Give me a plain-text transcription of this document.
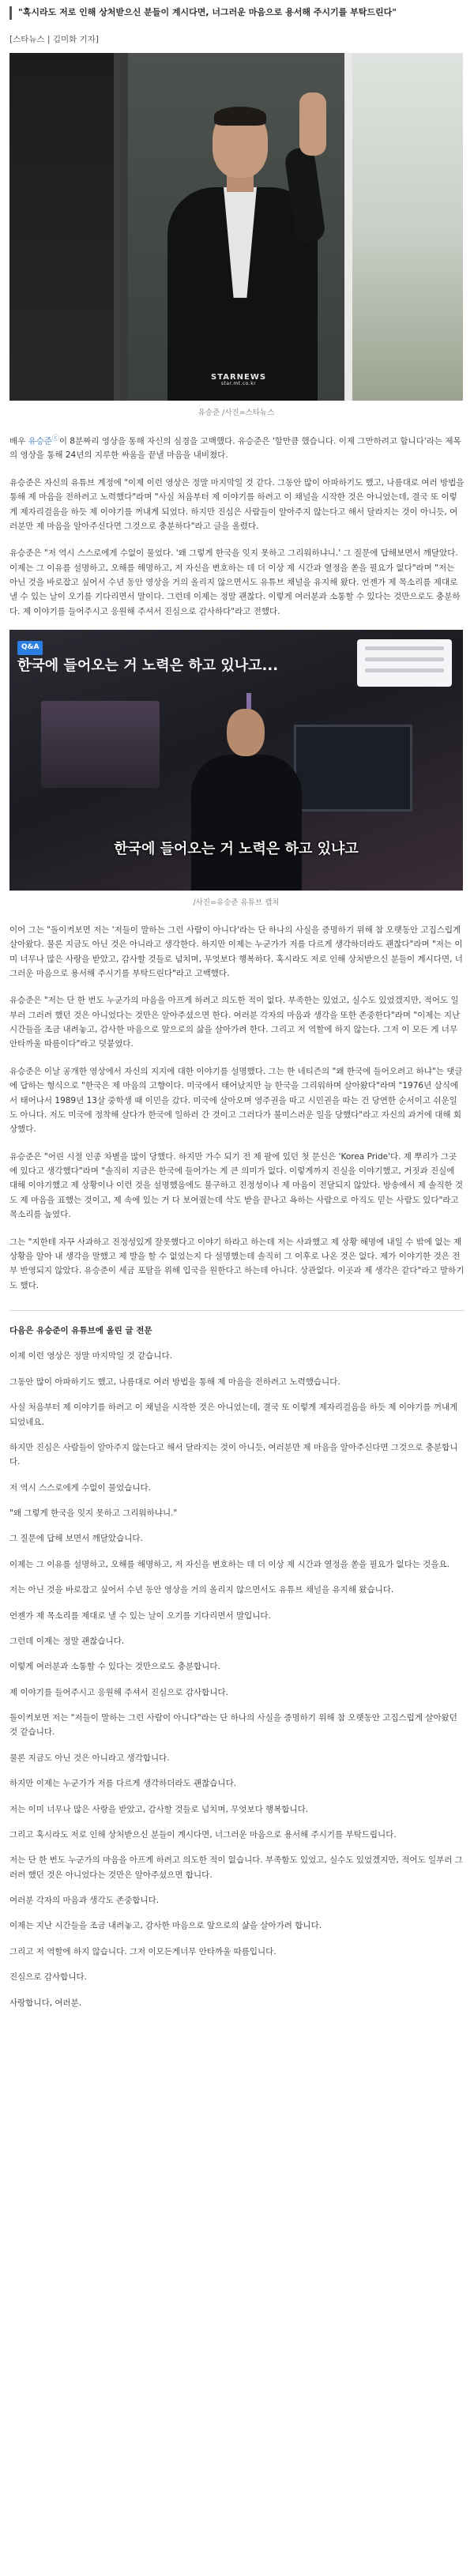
"혹시라도 저로 인해 상처받으신 분들이 계시다면, 너그러운 마음으로 용서해 주시기를 부탁드린다"
[스타뉴스 | 김미화 기자]
STARNEWS
star.mt.co.kr
유승준 /사진=스타뉴스

배우 유승준ⓒ이 8분짜리 영상을 통해 자신의 심경을 고백했다. 유승준은 '할만큼 했습니다. 이제 그만하려고 합니다'라는 제목의 영상을 통해 24년의 지루한 싸움을 끝낼 마음을 내비쳤다.

유승준은 자신의 유튜브 계정에 "이제 이런 영상은 정말 마지막일 것 같다. 그동안 많이 아파하기도 했고, 나름대로 여러 방법을 통해 제 마음을 전하려고 노력했다"라며 "사실 처음부터 제 이야기를 하려고 이 채널을 시작한 것은 아니었는데, 결국 또 이렇게 제자리걸음을 하듯 제 이야기를 꺼내게 되었다. 하지만 진심은 사람들이 알아주지 않는다고 해서 달라지는 것이 아니듯, 여러분만 제 마음을 알아주신다면 그것으로 충분하다"라고 글을 올렸다.

유승준은 "저 역시 스스로에게 수없이 물었다. '왜 그렇게 한국을 잊지 못하고 그리워하냐니.' 그 질문에 답해보면서 깨달았다. 이제는 그 이유를 설명하고, 오해를 해명하고, 저 자신을 변호하는 데 더 이상 제 시간과 열정을 쏟을 필요가 없다"라며 "저는 아닌 것을 바로잡고 싶어서 수년 동안 영상을 거의 올리지 않으면서도 유튜브 채널을 유지해 왔다. 언젠가 제 목소리를 제대로 낼 수 있는 날이 오기를 기다리면서 말이다. 그런데 이제는 정말 괜찮다. 이렇게 여러분과 소통할 수 있다는 것만으로도 충분하다. 제 이야기를 들어주시고 응원해 주셔서 진심으로 감사하다"라고 전했다.

Q&A
한국에 들어오는 거 노력은 하고 있나고...
한국에 들어오는 거 노력은 하고 있냐고
/사진=유승준 유튜브 캡처

이어 그는 "돌이켜보면 저는 '저들이 말하는 그런 사람이 아니다'라는 단 하나의 사실을 증명하기 위해 참 오랫동안 고집스럽게 살아왔다. 물론 지금도 아닌 것은 아니라고 생각한다. 하지만 이제는 누군가가 저를 다르게 생각하더라도 괜찮다"라며 "저는 이미 너무나 많은 사랑을 받았고, 감사할 것들로 넘치며, 무엇보다 행복하다. 혹시라도 저로 인해 상처받으신 분들이 계시다면, 너그러운 마음으로 용서해 주시기를 부탁드린다"라고 고백했다.

유승준은 "저는 단 한 번도 누군가의 마음을 아프게 하려고 의도한 적이 없다. 부족한는 있었고, 실수도 있었겠지만, 적어도 일부러 그러려 했던 것은 아니었다는 것만은 알아주셨으면 한다. 여러분 각자의 마음과 생각을 또한 존중한다"라며 "이제는 지난 시간들을 조금 내려놓고, 감사한 마음으로 앞으로의 삶을 살아가려 한다. 그리고 저 역할에 하지 않는다. 그저 이 모든 게 너무 안타까울 따름이다"라고 덧붙였다.

유승준은 이날 공개한 영상에서 자신의 지지에 대한 이야기를 설명했다. 그는 한 네티즌의 "왜 한국에 들어오려고 하냐"는 댓글에 답하는 형식으로 "한국은 제 마음의 고향이다. 미국에서 태어났지만 늘 한국을 그리워하며 살아왔다"라며 "1976년 삼식에서 태어나서 1989년 13살 중학생 때 이민을 갔다. 미국에 살아오며 영주권을 따고 시민권을 따는 건 당연한 순서이고 쉬운일도 아니다. 저도 미국에 정착해 살다가 한국에 일하러 간 것이고 그러다가 불미스러운 일을 당했다"라고 자신의 과거에 대해 회상했다.

유승준은 "어린 시절 인종 차별을 많이 당했다. 하지만 가수 되기 전 제 팔에 있던 첫 문신은 'Korea Pride'다. 제 뿌리가 그곳에 있다고 생각했다"라며 "솔직히 지금은 한국에 들어가는 게 큰 의미가 없다. 이렇게까지 진실을 이야기했고, 거짓과 진실에 대해 이야기했고 제 상황이나 이런 것을 설명했음에도 불구하고 진정성이나 제 마음이 전달되지 않았다. 방송에서 제 솔직한 것도 제 마음을 표했는 것이고, 제 속에 있는 거 다 보여줬는데 삭도 받을 끝나고 욕하는 사람으로 아직도 믿는 사람도 있다"라고 목소리를 높였다.

그는 "지한테 자꾸 사과하고 진정성있게 잘못했다고 이야기 하라고 하는데 저는 사과했고 제 상황 해명에 내일 수 밖에 없는 제 상황을 알아 내 생각을 말했고 제 발을 할 수 없었는지 다 설명했는데 솔직히 그 이후로 나온 것은 없다. 제가 이야기한 것은 전부 반영되지 않았다. 유승준이 세금 포탈을 위해 입국을 원한다고 하는데 아니다. 상관없다. 이곳과 제 생각은 같다"라고 말하기도 했다.

다음은 유승준이 유튜브에 올린 글 전문

이제 이런 영상은 정말 마지막일 것 같습니다.

그동안 많이 아파하기도 했고, 나름대로 여러 방법을 통해 제 마음을 전하려고 노력했습니다.

사실 처음부터 제 이야기를 하려고 이 채널을 시작한 것은 아니었는데, 결국 또 이렇게 제자리걸음을 하듯 제 이야기를 꺼내게 되었네요.

하지만 진심은 사람들이 알아주지 않는다고 해서 달라지는 것이 아니듯, 여러분만 제 마음을 알아주신다면 그것으로 충분합니다.

저 역시 스스로에게 수없이 물었습니다.

"왜 그렇게 한국을 잊지 못하고 그리워하냐니."

그 질문에 답해 보면서 깨달았습니다.

이제는 그 이유를 설명하고, 오해를 해명하고, 저 자신을 변호하는 데 더 이상 제 시간과 열정을 쏟을 필요가 없다는 것을요.

저는 아닌 것을 바로잡고 싶어서 수년 동안 영상을 거의 올리지 않으면서도 유튜브 채널을 유지해 왔습니다.

언젠가 제 목소리를 제대로 낼 수 있는 날이 오기를 기다리면서 말입니다.

그런데 이제는 정말 괜찮습니다.

이렇게 여러분과 소통할 수 있다는 것만으로도 충분합니다.

제 이야기를 들어주시고 응원해 주셔서 진심으로 감사합니다.

돌이켜보면 저는 "저들이 말하는 그런 사람이 아니다"라는 단 하나의 사실을 증명하기 위해 참 오랫동안 고집스럽게 살아왔던 것 같습니다.

물론 지금도 아닌 것은 아니라고 생각합니다.

하지만 이제는 누군가가 저를 다르게 생각하더라도 괜찮습니다.

저는 이미 너무나 많은 사랑을 받았고, 감사할 것들로 넘치며, 무엇보다 행복합니다.

그리고 혹시라도 저로 인해 상처받으신 분들이 계시다면, 너그러운 마음으로 용서해 주시기를 부탁드립니다.

저는 단 한 번도 누군가의 마음을 아프게 하려고 의도한 적이 없습니다. 부족함도 있었고, 실수도 있었겠지만, 적어도 일부러 그러려 했던 것은 아니었다는 것만은 알아주셨으면 합니다.

여러분 각자의 마음과 생각도 존중합니다.

이제는 지난 시간들을 조금 내려놓고, 감사한 마음으로 앞으로의 삶을 살아가려 합니다.

그리고 저 역할에 하지 않습니다. 그저 이모든게너무 안타까울 따름입니다.

진심으로 감사합니다.

사랑합니다, 여러분.
